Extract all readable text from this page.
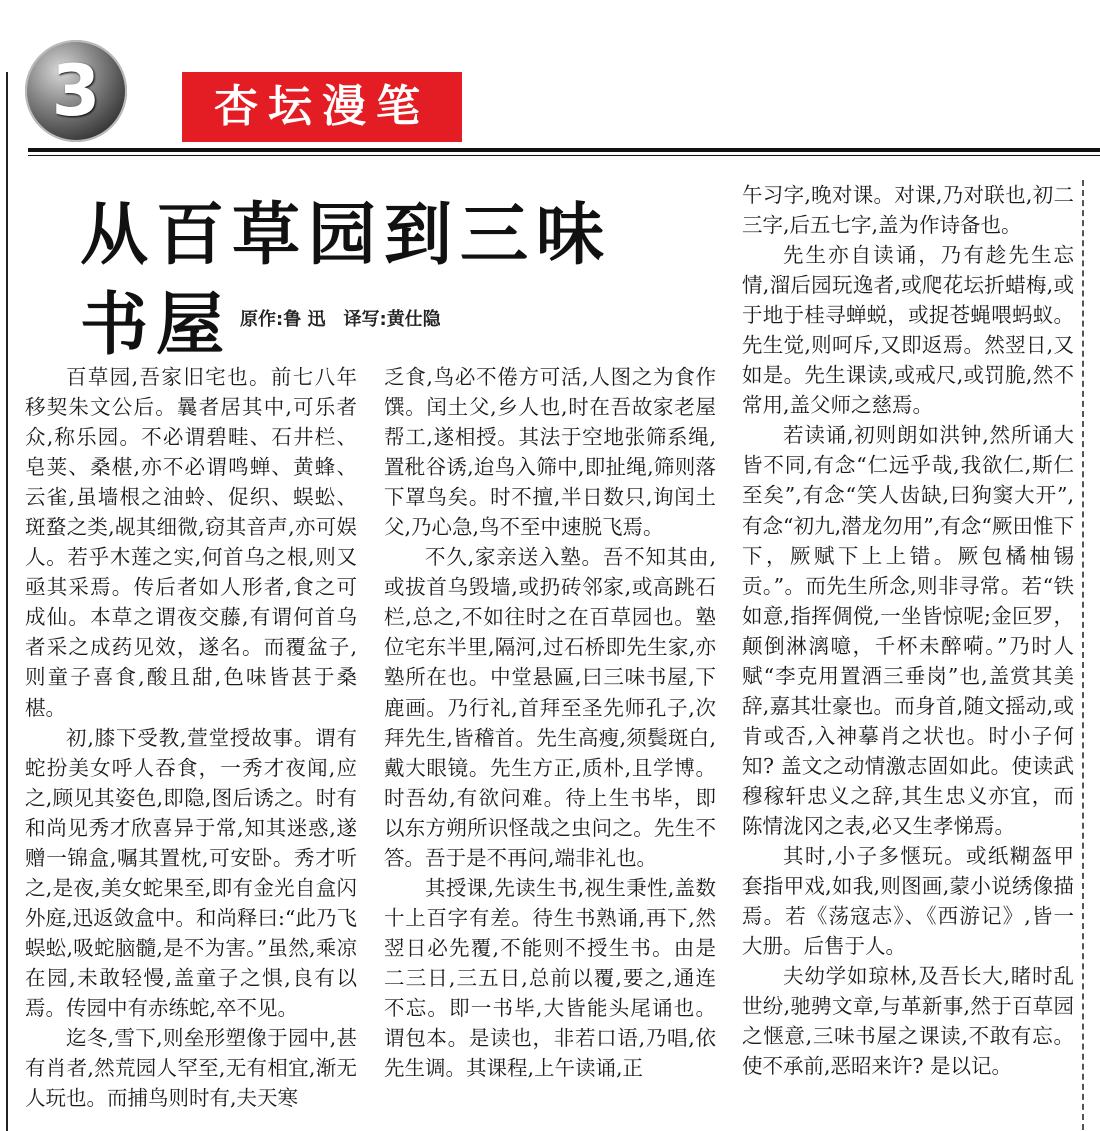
3	杏坛漫笔
从百草园到三味书屋 原作:鲁 迅 译写:黄仕隐

百草园,吾家旧宅也。前七八年移契朱文公后。曩者居其中,可乐者众,称乐园。不必谓碧畦、石井栏、皂荚、桑椹,亦不必谓鸣蝉、黄蜂、云雀,虽墙根之油蛉、促织、蜈蚣、斑蝥之类,觇其细微,窃其音声,亦可娱人。若乎木莲之实,何首乌之根,则又亟其采焉。传后者如人形者,食之可成仙。本草之谓夜交藤,有谓何首乌者采之成药见效，遂名。而覆盆子,则童子喜食,酸且甜,色味皆甚于桑椹。

初,膝下受教,萱堂授故事。谓有蛇扮美女呼人吞食，一秀才夜闻,应之,顾见其姿色,即隐,图后诱之。时有和尚见秀才欣喜异于常,知其迷惑,遂赠一锦盒,嘱其置枕,可安卧。秀才听之,是夜,美女蛇果至,即有金光自盒闪外庭,迅返敛盒中。和尚释曰:“此乃飞蜈蚣,吸蛇脑髓,是不为害。”虽然,乘凉在园,未敢轻慢,盖童子之惧,良有以焉。传园中有赤练蛇,卒不见。

迄冬,雪下,则垒形塑像于园中,甚有肖者,然荒园人罕至,无有相宜,渐无人玩也。而捕鸟则时有,夫天寒

乏食,鸟必不倦方可活,人图之为食作馔。闰土父,乡人也,时在吾故家老屋帮工,遂相授。其法于空地张筛系绳,置秕谷诱,迨鸟入筛中,即扯绳,筛则落下罩鸟矣。时不擅,半日数只,询闰土父,乃心急,鸟不至中速脱飞焉。

不久,家亲送入塾。吾不知其由,或拔首乌毁墙,或扔砖邻家,或高跳石栏,总之,不如往时之在百草园也。塾位宅东半里,隔河,过石桥即先生家,亦塾所在也。中堂悬匾,曰三味书屋,下鹿画。乃行礼,首拜至圣先师孔子,次拜先生,皆稽首。先生高瘦,须鬓斑白,戴大眼镜。先生方正,质朴,且学博。时吾幼,有欲问难。待上生书毕，即以东方朔所识怪哉之虫问之。先生不答。吾于是不再问,端非礼也。

其授课,先读生书,视生秉性,盖数十上百字有差。待生书熟诵,再下,然翌日必先覆,不能则不授生书。由是二三日,三五日,总前以覆,要之,通连不忘。即一书毕,大皆能头尾诵也。谓包本。是读也，非若口语,乃唱,依先生调。其课程,上午读诵,正

午习字,晚对课。对课,乃对联也,初二三字,后五七字,盖为作诗备也。

先生亦自读诵，乃有趁先生忘情,溜后园玩逸者,或爬花坛折蜡梅,或于地于桂寻蝉蜕，或捉苍蝇喂蚂蚁。先生觉,则呵斥,又即返焉。然翌日,又如是。先生课读,或戒尺,或罚脆,然不常用,盖父师之慈焉。

若读诵,初则朗如洪钟,然所诵大皆不同,有念“仁远乎哉,我欲仁,斯仁至矣”,有念“笑人齿缺,曰狗窦大开”,有念“初九,潜龙勿用”,有念“厥田惟下下，厥赋下上上错。厥包橘柚锡贡。”。而先生所念,则非寻常。若“铁如意,指挥倜傥,一坐皆惊呢;金叵罗，颠倒淋漓噫，千杯未醉嗬。”乃时人赋“李克用置酒三垂岗”也,盖赏其美辞,嘉其壮豪也。而身首,随文摇动,或肯或否,入神摹肖之状也。时小子何知? 盖文之动情激志固如此。使读武穆稼轩忠义之辞,其生忠义亦宜，而陈情泷冈之表,必又生孝悌焉。

其时,小子多惬玩。或纸糊盔甲套指甲戏,如我,则图画,蒙小说绣像描焉。若《荡寇志》、《西游记》,皆一大册。后售于人。

夫幼学如琼林,及吾长大,睹时乱世纷,驰骋文章,与革新事,然于百草园之惬意,三味书屋之课读,不敢有忘。使不承前,恶昭来许? 是以记。
